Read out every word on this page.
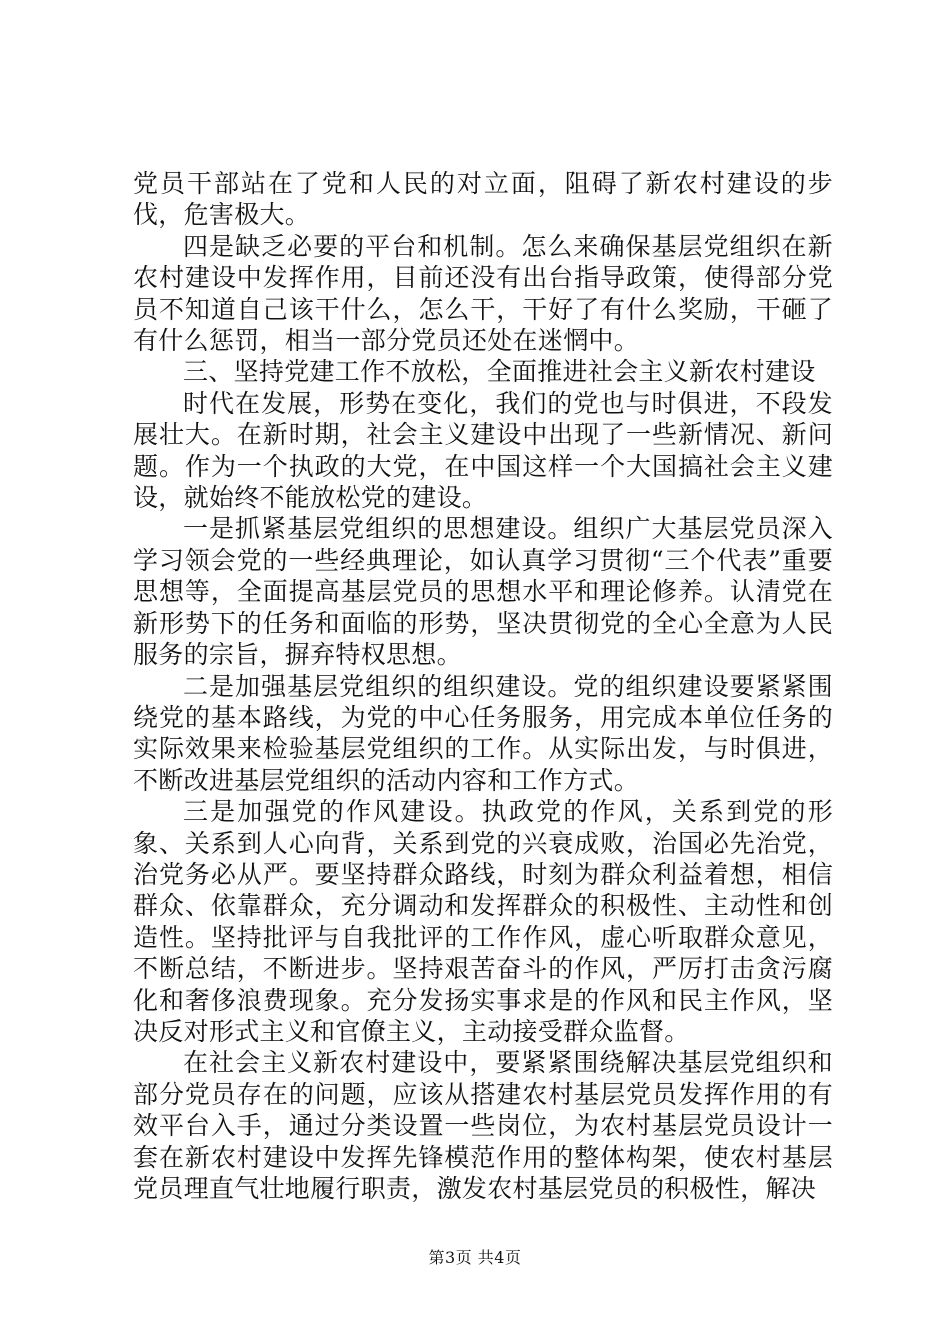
党员干部站在了党和人民的对立面，阻碍了新农村建设的步伐，危害极大。

四是缺乏必要的平台和机制。怎么来确保基层党组织在新农村建设中发挥作用，目前还没有出台指导政策，使得部分党员不知道自己该干什么，怎么干，干好了有什么奖励，干砸了有什么惩罚，相当一部分党员还处在迷惘中。

三、坚持党建工作不放松，全面推进社会主义新农村建设

时代在发展，形势在变化，我们的党也与时俱进，不段发展壮大。在新时期，社会主义建设中出现了一些新情况、新问题。作为一个执政的大党，在中国这样一个大国搞社会主义建设，就始终不能放松党的建设。

一是抓紧基层党组织的思想建设。组织广大基层党员深入学习领会党的一些经典理论，如认真学习贯彻“三个代表”重要思想等，全面提高基层党员的思想水平和理论修养。认清党在新形势下的任务和面临的形势，坚决贯彻党的全心全意为人民服务的宗旨，摒弃特权思想。

二是加强基层党组织的组织建设。党的组织建设要紧紧围绕党的基本路线，为党的中心任务服务，用完成本单位任务的实际效果来检验基层党组织的工作。从实际出发，与时俱进，不断改进基层党组织的活动内容和工作方式。

三是加强党的作风建设。执政党的作风，关系到党的形象、关系到人心向背，关系到党的兴衰成败，治国必先治党，治党务必从严。要坚持群众路线，时刻为群众利益着想，相信群众、依靠群众，充分调动和发挥群众的积极性、主动性和创造性。坚持批评与自我批评的工作作风，虚心听取群众意见，不断总结，不断进步。坚持艰苦奋斗的作风，严厉打击贪污腐化和奢侈浪费现象。充分发扬实事求是的作风和民主作风，坚决反对形式主义和官僚主义，主动接受群众监督。

在社会主义新农村建设中，要紧紧围绕解决基层党组织和部分党员存在的问题，应该从搭建农村基层党员发挥作用的有效平台入手，通过分类设置一些岗位，为农村基层党员设计一套在新农村建设中发挥先锋模范作用的整体构架，使农村基层党员理直气壮地履行职责，激发农村基层党员的积极性，解决

第3页 共4页
